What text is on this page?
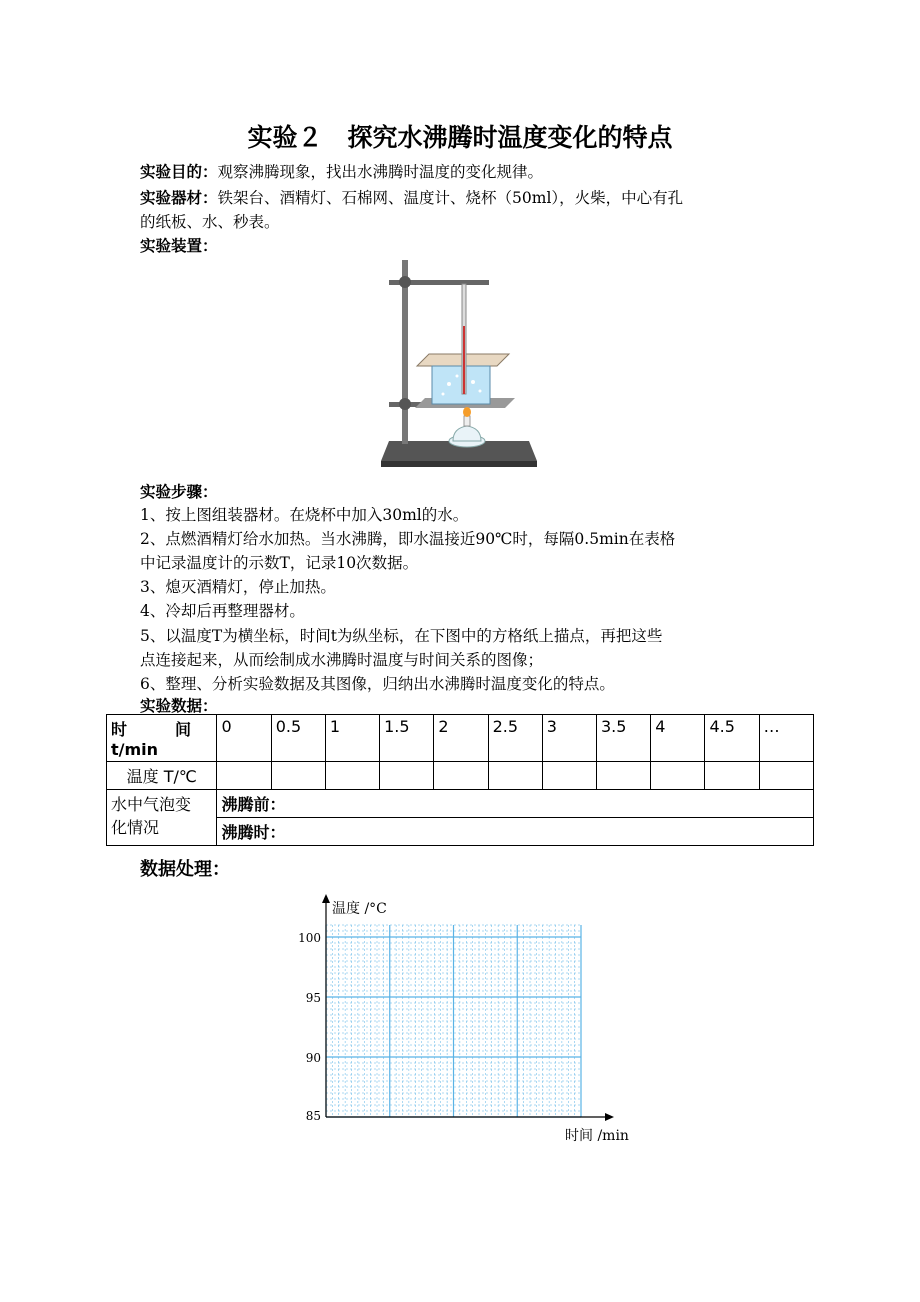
实验２　探究水沸腾时温度变化的特点
实验目的：观察沸腾现象，找出水沸腾时温度的变化规律。
实验器材：铁架台、酒精灯、石棉网、温度计、烧杯（50ml），火柴，中心有孔
的纸板、水、秒表。
实验装置：
实验步骤：
1、按上图组装器材。在烧杯中加入30ml的水。
2、点燃酒精灯给水加热。当水沸腾，即水温接近90℃时，每隔0.5min在表格
中记录温度计的示数T，记录10次数据。
3、熄灭酒精灯，停止加热。
4、冷却后再整理器材。
5、以温度T为横坐标，时间t为纵坐标，在下图中的方格纸上描点，再把这些
点连接起来，从而绘制成水沸腾时温度与时间关系的图像；
6、整理、分析实验数据及其图像，归纳出水沸腾时温度变化的特点。
实验数据：
时　　　间
t/min	0	0.5	1	1.5	2	2.5	3	3.5	4	4.5	…
温度 T/℃											

水中气泡变
化情况	沸腾前：										
	沸腾时：										
数据处理：
温度 /°C
时间 /min
100
95
90
85
